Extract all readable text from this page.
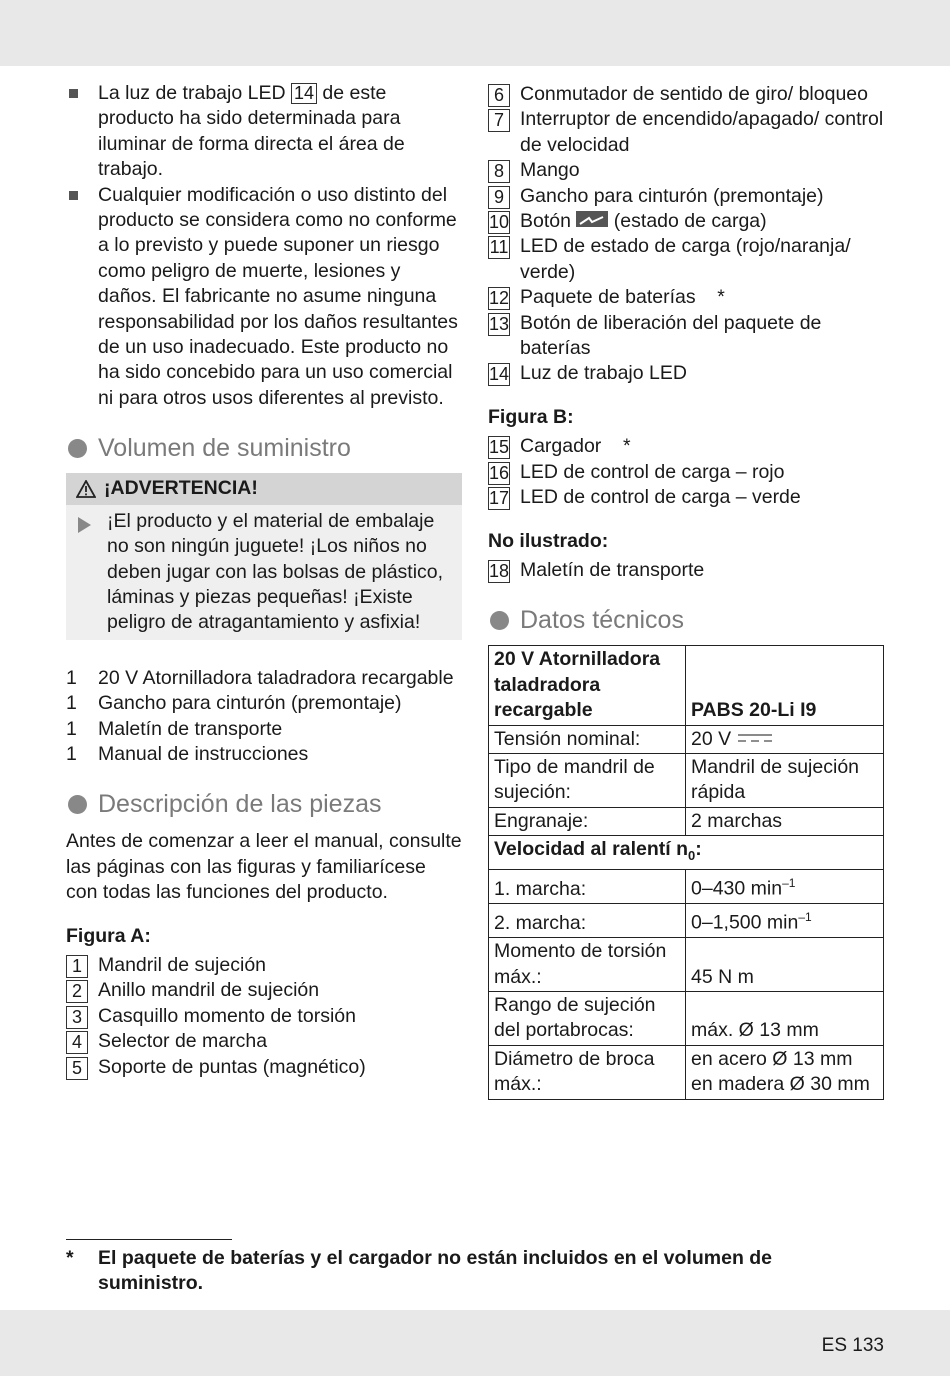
La luz de trabajo LED 14 de este producto ha sido determinada para iluminar de forma directa el área de trabajo.
Cualquier modificación o uso distinto del producto se considera como no conforme a lo previsto y puede suponer un riesgo como peligro de muerte, lesiones y daños. El fabricante no asume ninguna responsabilidad por los daños resultantes de un uso inadecuado. Este producto no ha sido concebido para un uso comercial ni para otros usos diferentes al previsto.
Volumen de suministro
¡ADVERTENCIA!
¡El producto y el material de embalaje no son ningún juguete! ¡Los niños no deben jugar con las bolsas de plástico, láminas y piezas pequeñas! ¡Existe peligro de atragantamiento y asfixia!
1	20 V Atornilladora taladradora recargable
1	Gancho para cinturón (premontaje)
1	Maletín de transporte
1	Manual de instrucciones
Descripción de las piezas
Antes de comenzar a leer el manual, consulte las páginas con las figuras y familiarícese con todas las funciones del producto.
Figura A:
1 Mandril de sujeción
2 Anillo mandril de sujeción
3 Casquillo momento de torsión
4 Selector de marcha
5 Soporte de puntas (magnético)
6 Conmutador de sentido de giro/ bloqueo
7 Interruptor de encendido/apagado/ control de velocidad
8 Mango
9 Gancho para cinturón (premontaje)
10 Botón  (estado de carga)
11 LED de estado de carga (rojo/naranja/ verde)
12 Paquete de baterías    *
13 Botón de liberación del paquete de baterías
14 Luz de trabajo LED
Figura B:
15 Cargador    *
16 LED de control de carga – rojo
17 LED de control de carga – verde
No ilustrado:
18 Maletín de transporte
Datos técnicos
20 V Atornilladora taladradora recargable	PABS 20-Li I9
Tensión nominal:	20 V
Tipo de mandril de sujeción:	Mandril de sujeción rápida
Engranaje:	2 marchas
Velocidad al ralentí $n_0$:	
1. marcha:	0–430 $\min^{-1}$
2. marcha:	0–1,500 $\min^{-1}$
Momento de torsión máx.:	45 N m
Rango de sujeción del portabrocas:	máx. Ø 13 mm
Diámetro de broca máx.:	en acero Ø 13 mm
en madera Ø 30 mm
*	El paquete de baterías y el cargador no están incluidos en el volumen de suministro.
ES 133
